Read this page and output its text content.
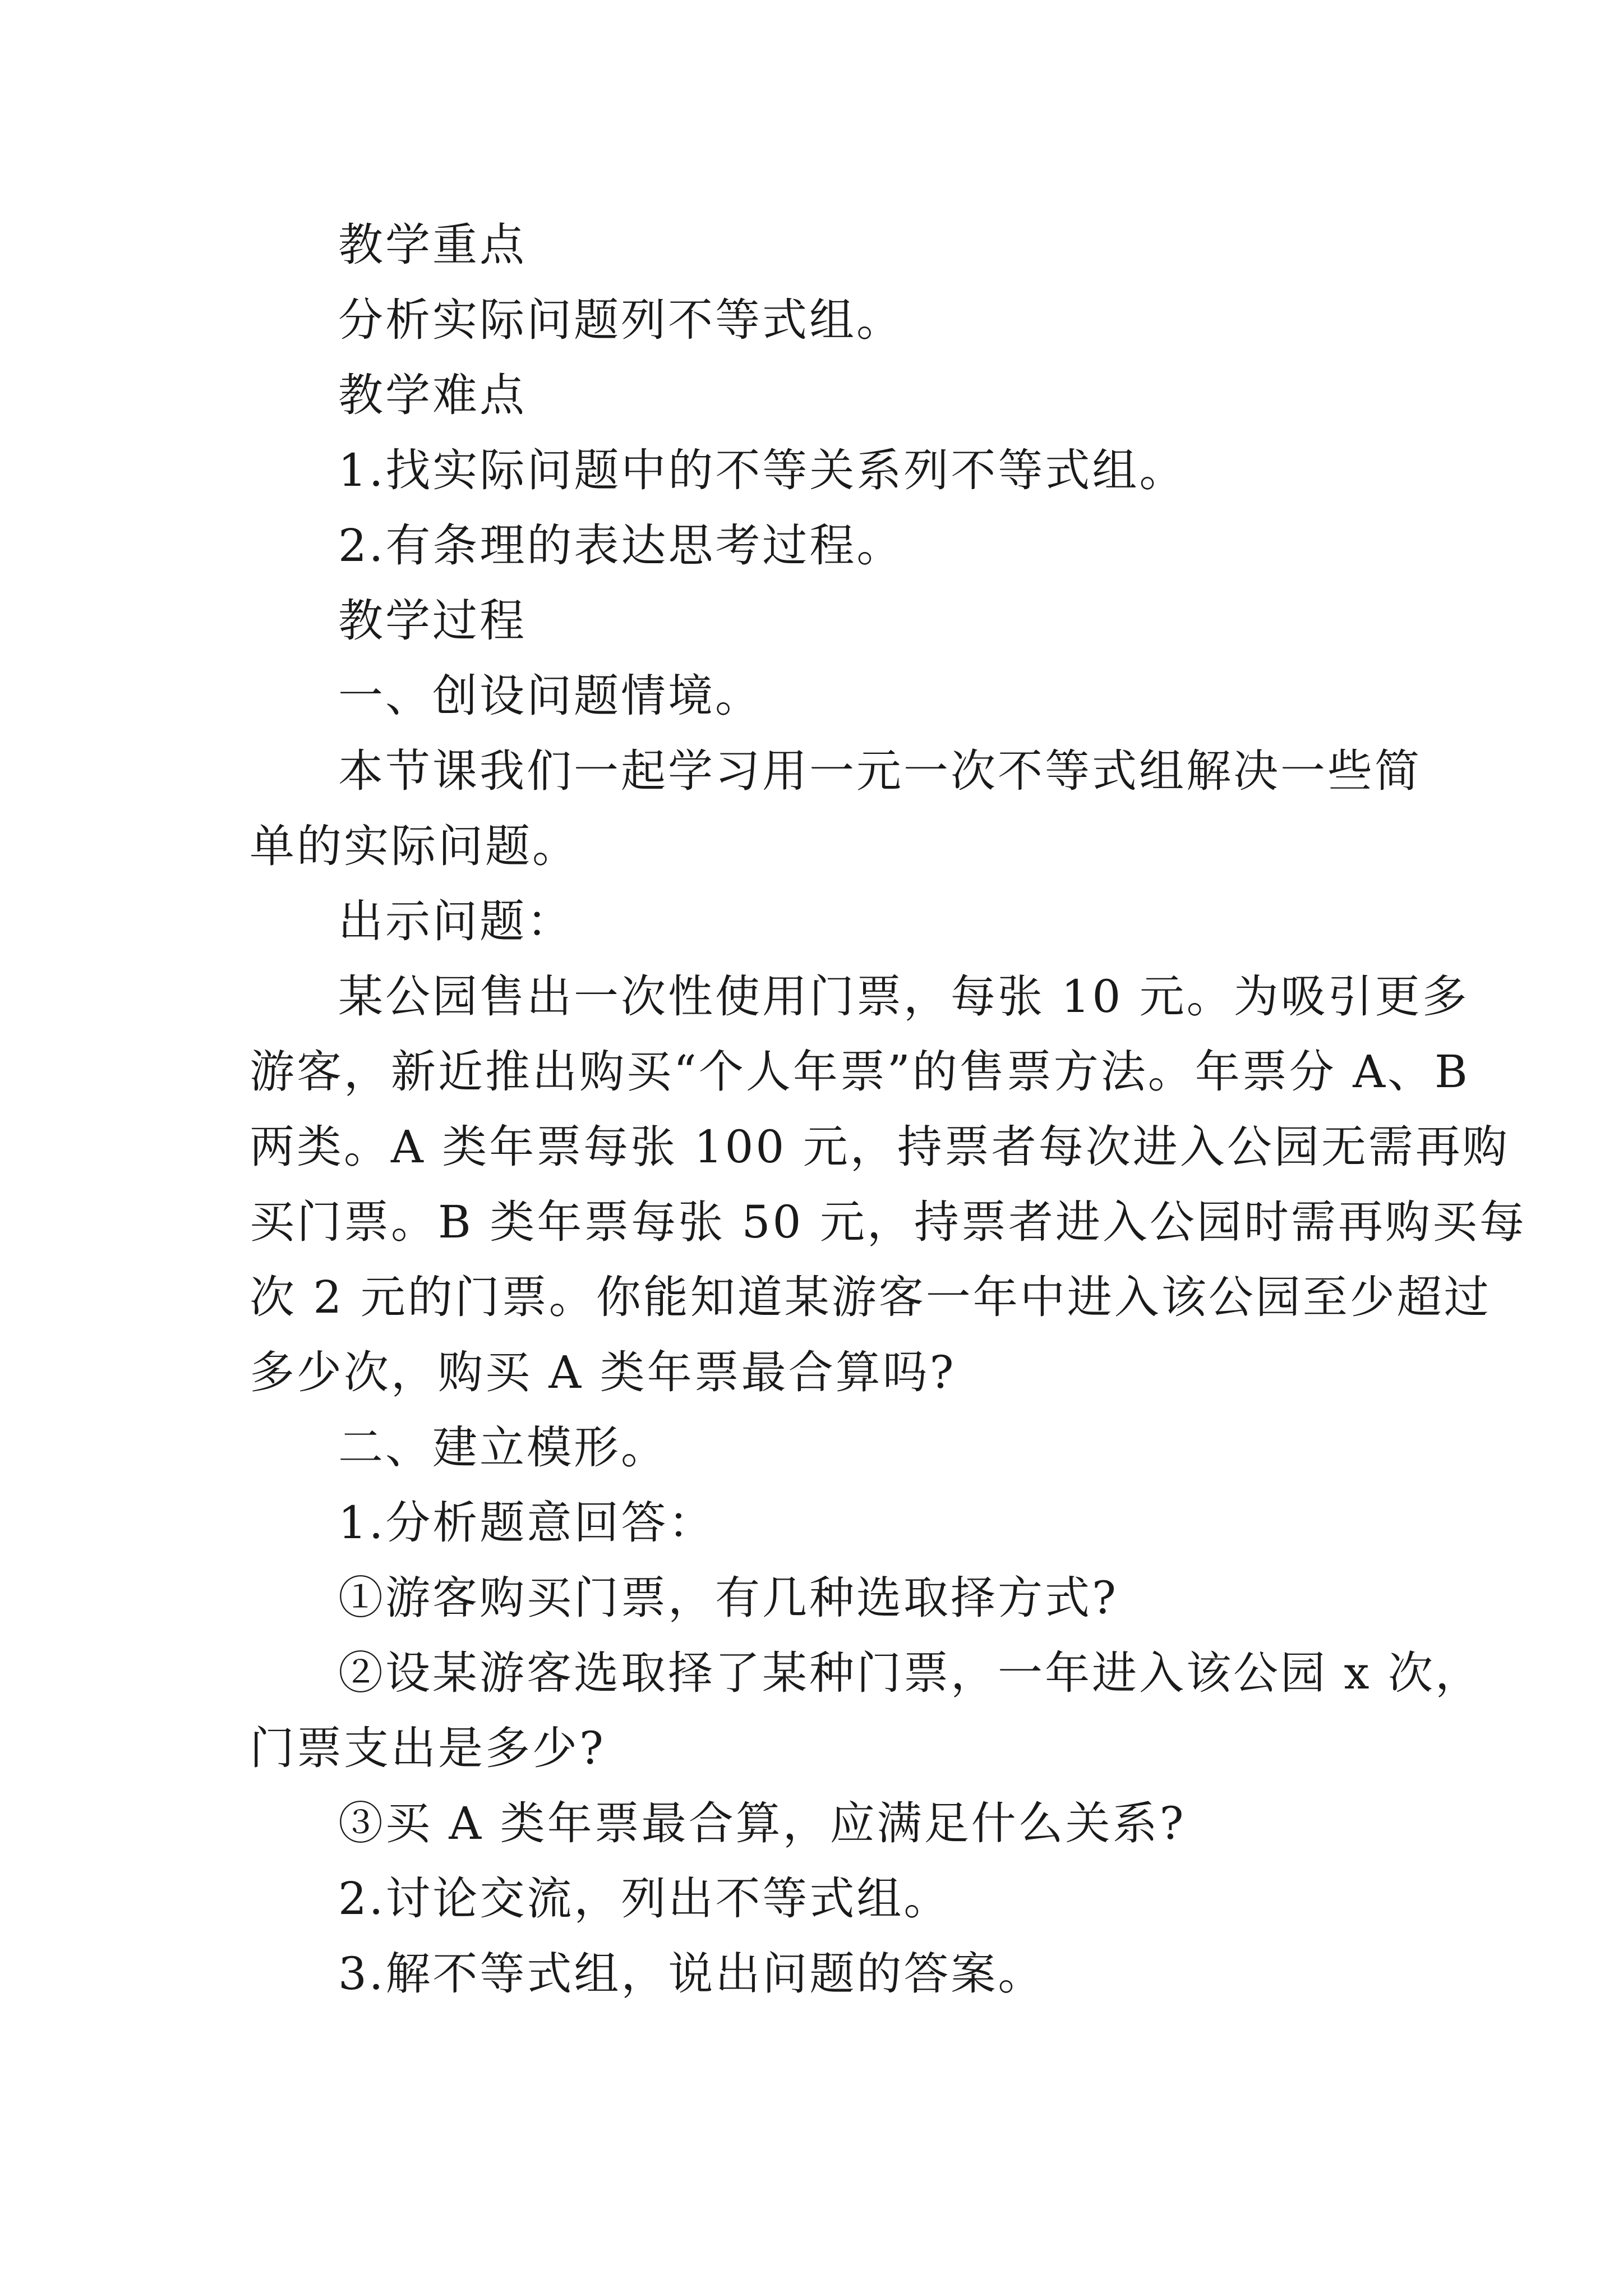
教学重点
分析实际问题列不等式组。
教学难点
1.找实际问题中的不等关系列不等式组。
2.有条理的表达思考过程。
教学过程
一、创设问题情境。
本节课我们一起学习用一元一次不等式组解决一些简
单的实际问题。
出示问题：
某公园售出一次性使用门票，每张 10 元。为吸引更多
游客，新近推出购买“个人年票”的售票方法。年票分 A、B
两类。A 类年票每张 100 元，持票者每次进入公园无需再购
买门票。B 类年票每张 50 元，持票者进入公园时需再购买每
次 2 元的门票。你能知道某游客一年中进入该公园至少超过
多少次，购买 A 类年票最合算吗?
二、建立模形。
1.分析题意回答：
①游客购买门票，有几种选取择方式?
②设某游客选取择了某种门票，一年进入该公园 x 次，
门票支出是多少?
③买 A 类年票最合算，应满足什么关系?
2.讨论交流，列出不等式组。
3.解不等式组，说出问题的答案。
